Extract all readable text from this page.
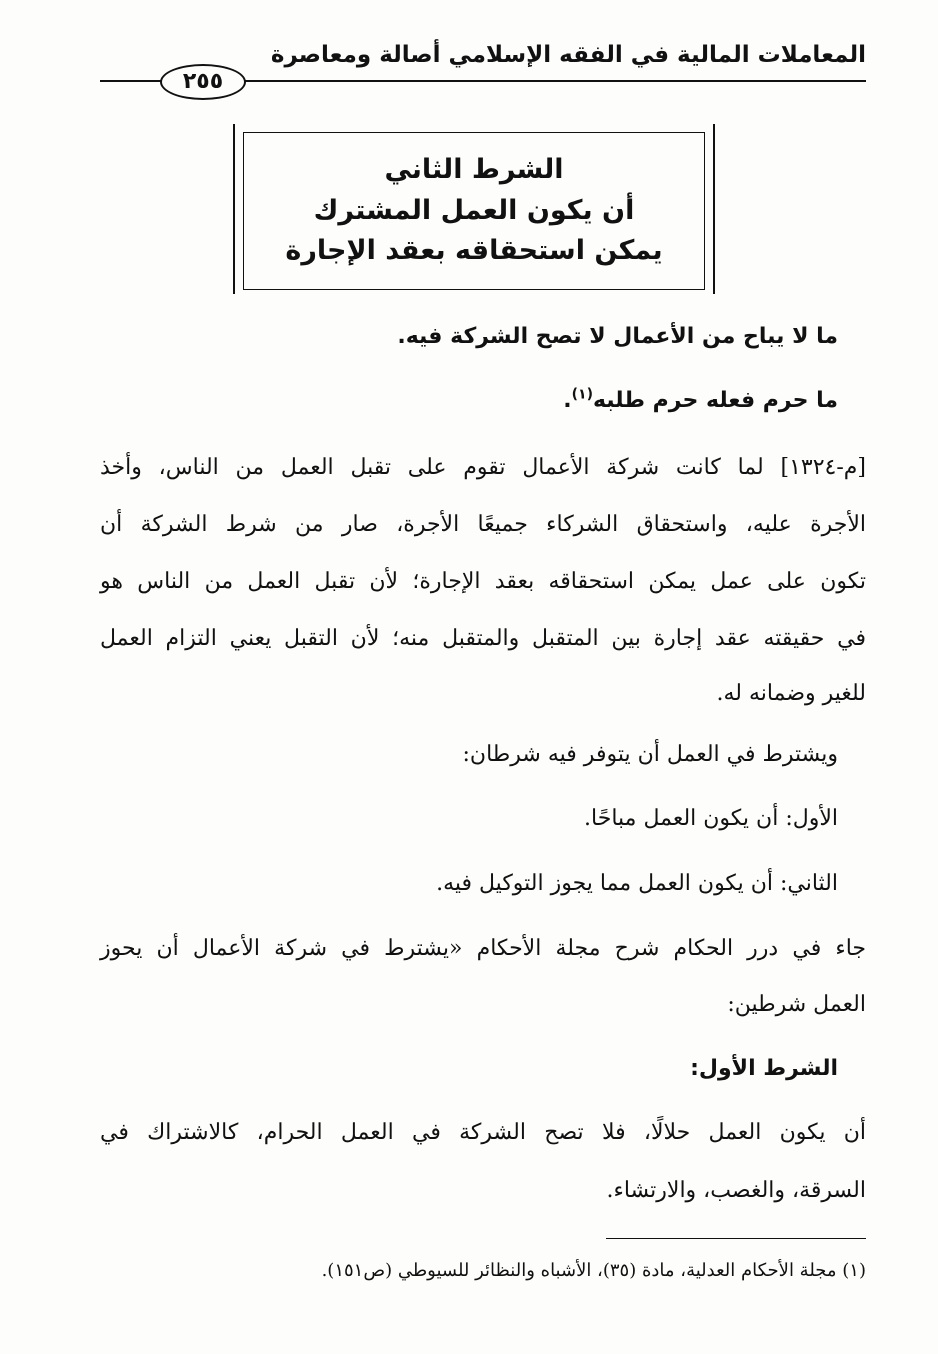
المعاملات المالية في الفقه الإسلامي أصالة ومعاصرة
٢٥٥
الشرط الثاني
أن يكون العمل المشترك
يمكن استحقاقه بعقد الإجارة
ما لا يباح من الأعمال لا تصح الشركة فيه.
ما حرم فعله حرم طلبه$^{(١)}$.
[م-١٣٢٤] لما كانت شركة الأعمال تقوم على تقبل العمل من الناس، وأخذ
الأجرة عليه، واستحقاق الشركاء جميعًا الأجرة، صار من شرط الشركة أن
تكون على عمل يمكن استحقاقه بعقد الإجارة؛ لأن تقبل العمل من الناس هو
في حقيقته عقد إجارة بين المتقبل والمتقبل منه؛ لأن التقبل يعني التزام العمل
للغير وضمانه له.
ويشترط في العمل أن يتوفر فيه شرطان:
الأول: أن يكون العمل مباحًا.
الثاني: أن يكون العمل مما يجوز التوكيل فيه.
جاء في درر الحكام شرح مجلة الأحكام «يشترط في شركة الأعمال أن يحوز
العمل شرطين:
الشرط الأول:
أن يكون العمل حلالًا، فلا تصح الشركة في العمل الحرام، كالاشتراك في
السرقة، والغصب، والارتشاء.
(١) مجلة الأحكام العدلية، مادة (٣٥)، الأشباه والنظائر للسيوطي (ص١٥١).
